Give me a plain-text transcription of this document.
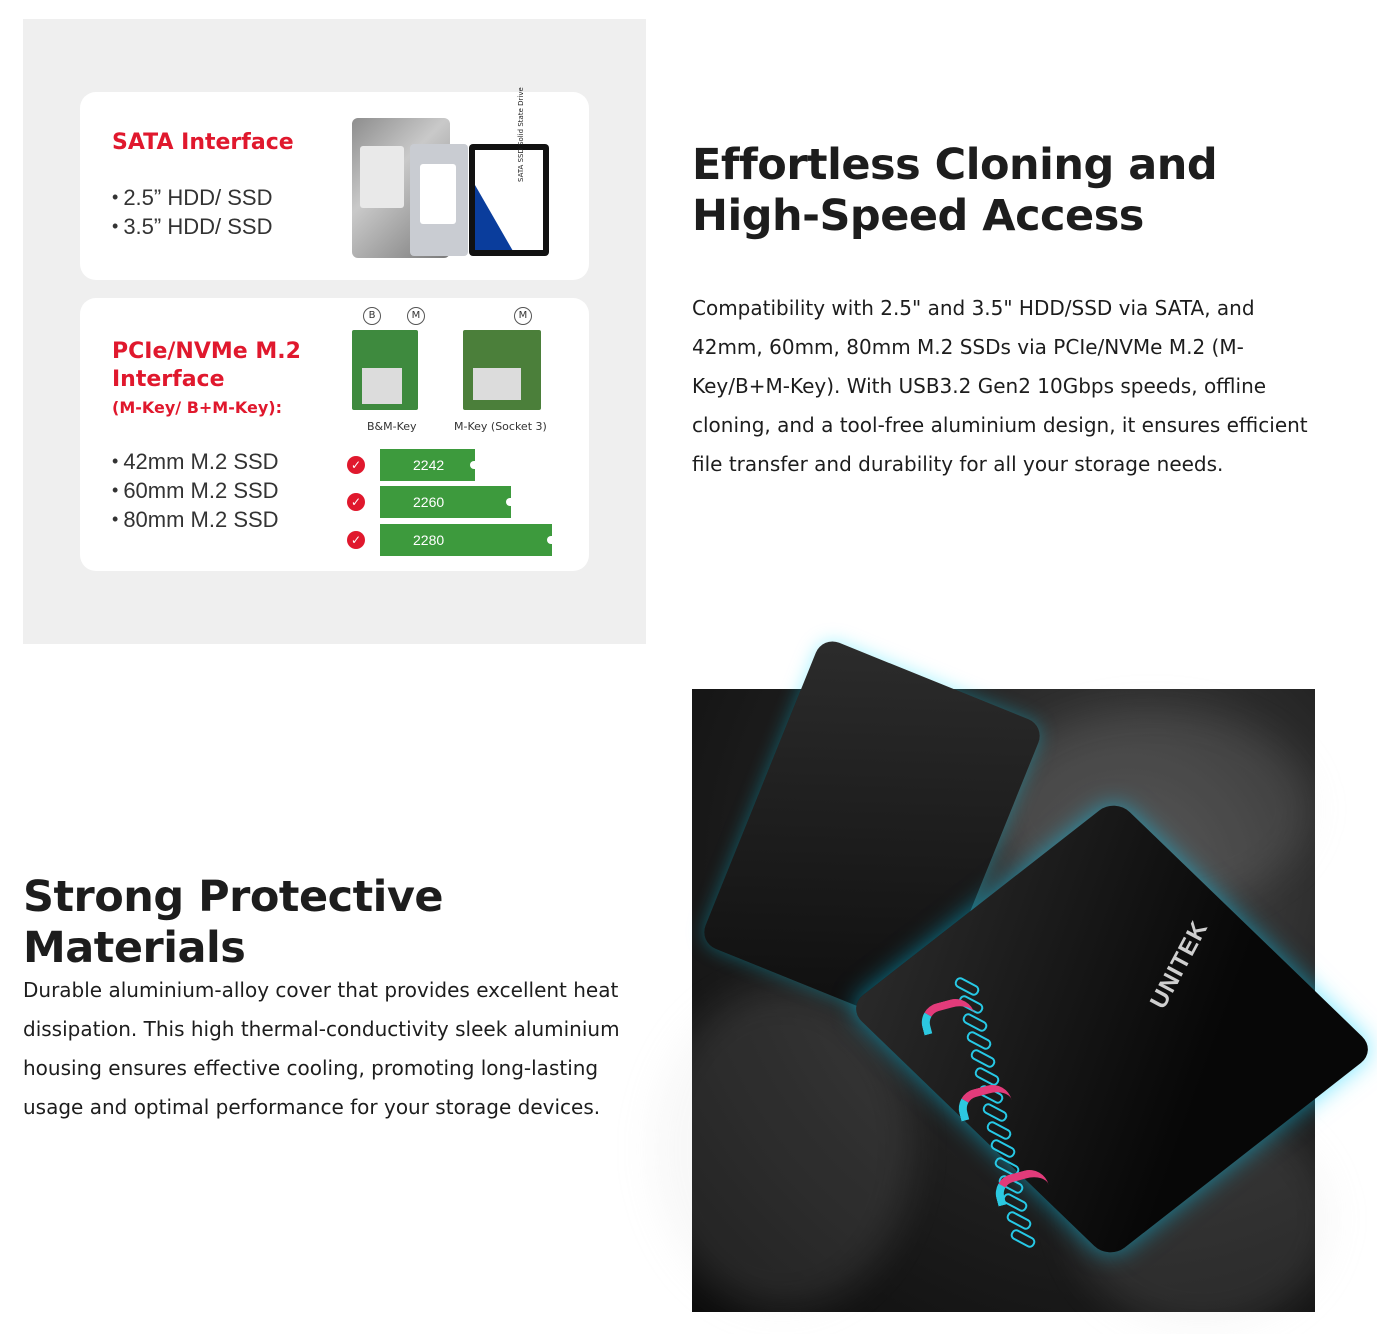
SATA Interface
• 2.5” HDD/ SSD
• 3.5” HDD/ SSD
SATA SSD Solid State Drive
PCIe/NVMe M.2 Interface
(M-Key/ B+M-Key):
• 42mm M.2 SSD
• 60mm M.2 SSD
• 80mm M.2 SSD
B	M	M
B&M-Key	M-Key (Socket 3)
✓	2242
✓	2260
✓	2280
Effortless Cloning and High-Speed Access

Compatibility with 2.5" and 3.5" HDD/SSD via SATA, and 42mm, 60mm, 80mm M.2 SSDs via PCIe/NVMe M.2 (M-Key/B+M-Key). With USB3.2 Gen2 10Gbps speeds, offline cloning, and a tool-free aluminium design, it ensures efficient file transfer and durability for all your storage needs.

Strong Protective Materials

Durable aluminium-alloy cover that provides excellent heat dissipation. This high thermal-conductivity sleek aluminium housing ensures effective cooling, promoting long-lasting usage and optimal performance for your storage devices.

UNITEK
